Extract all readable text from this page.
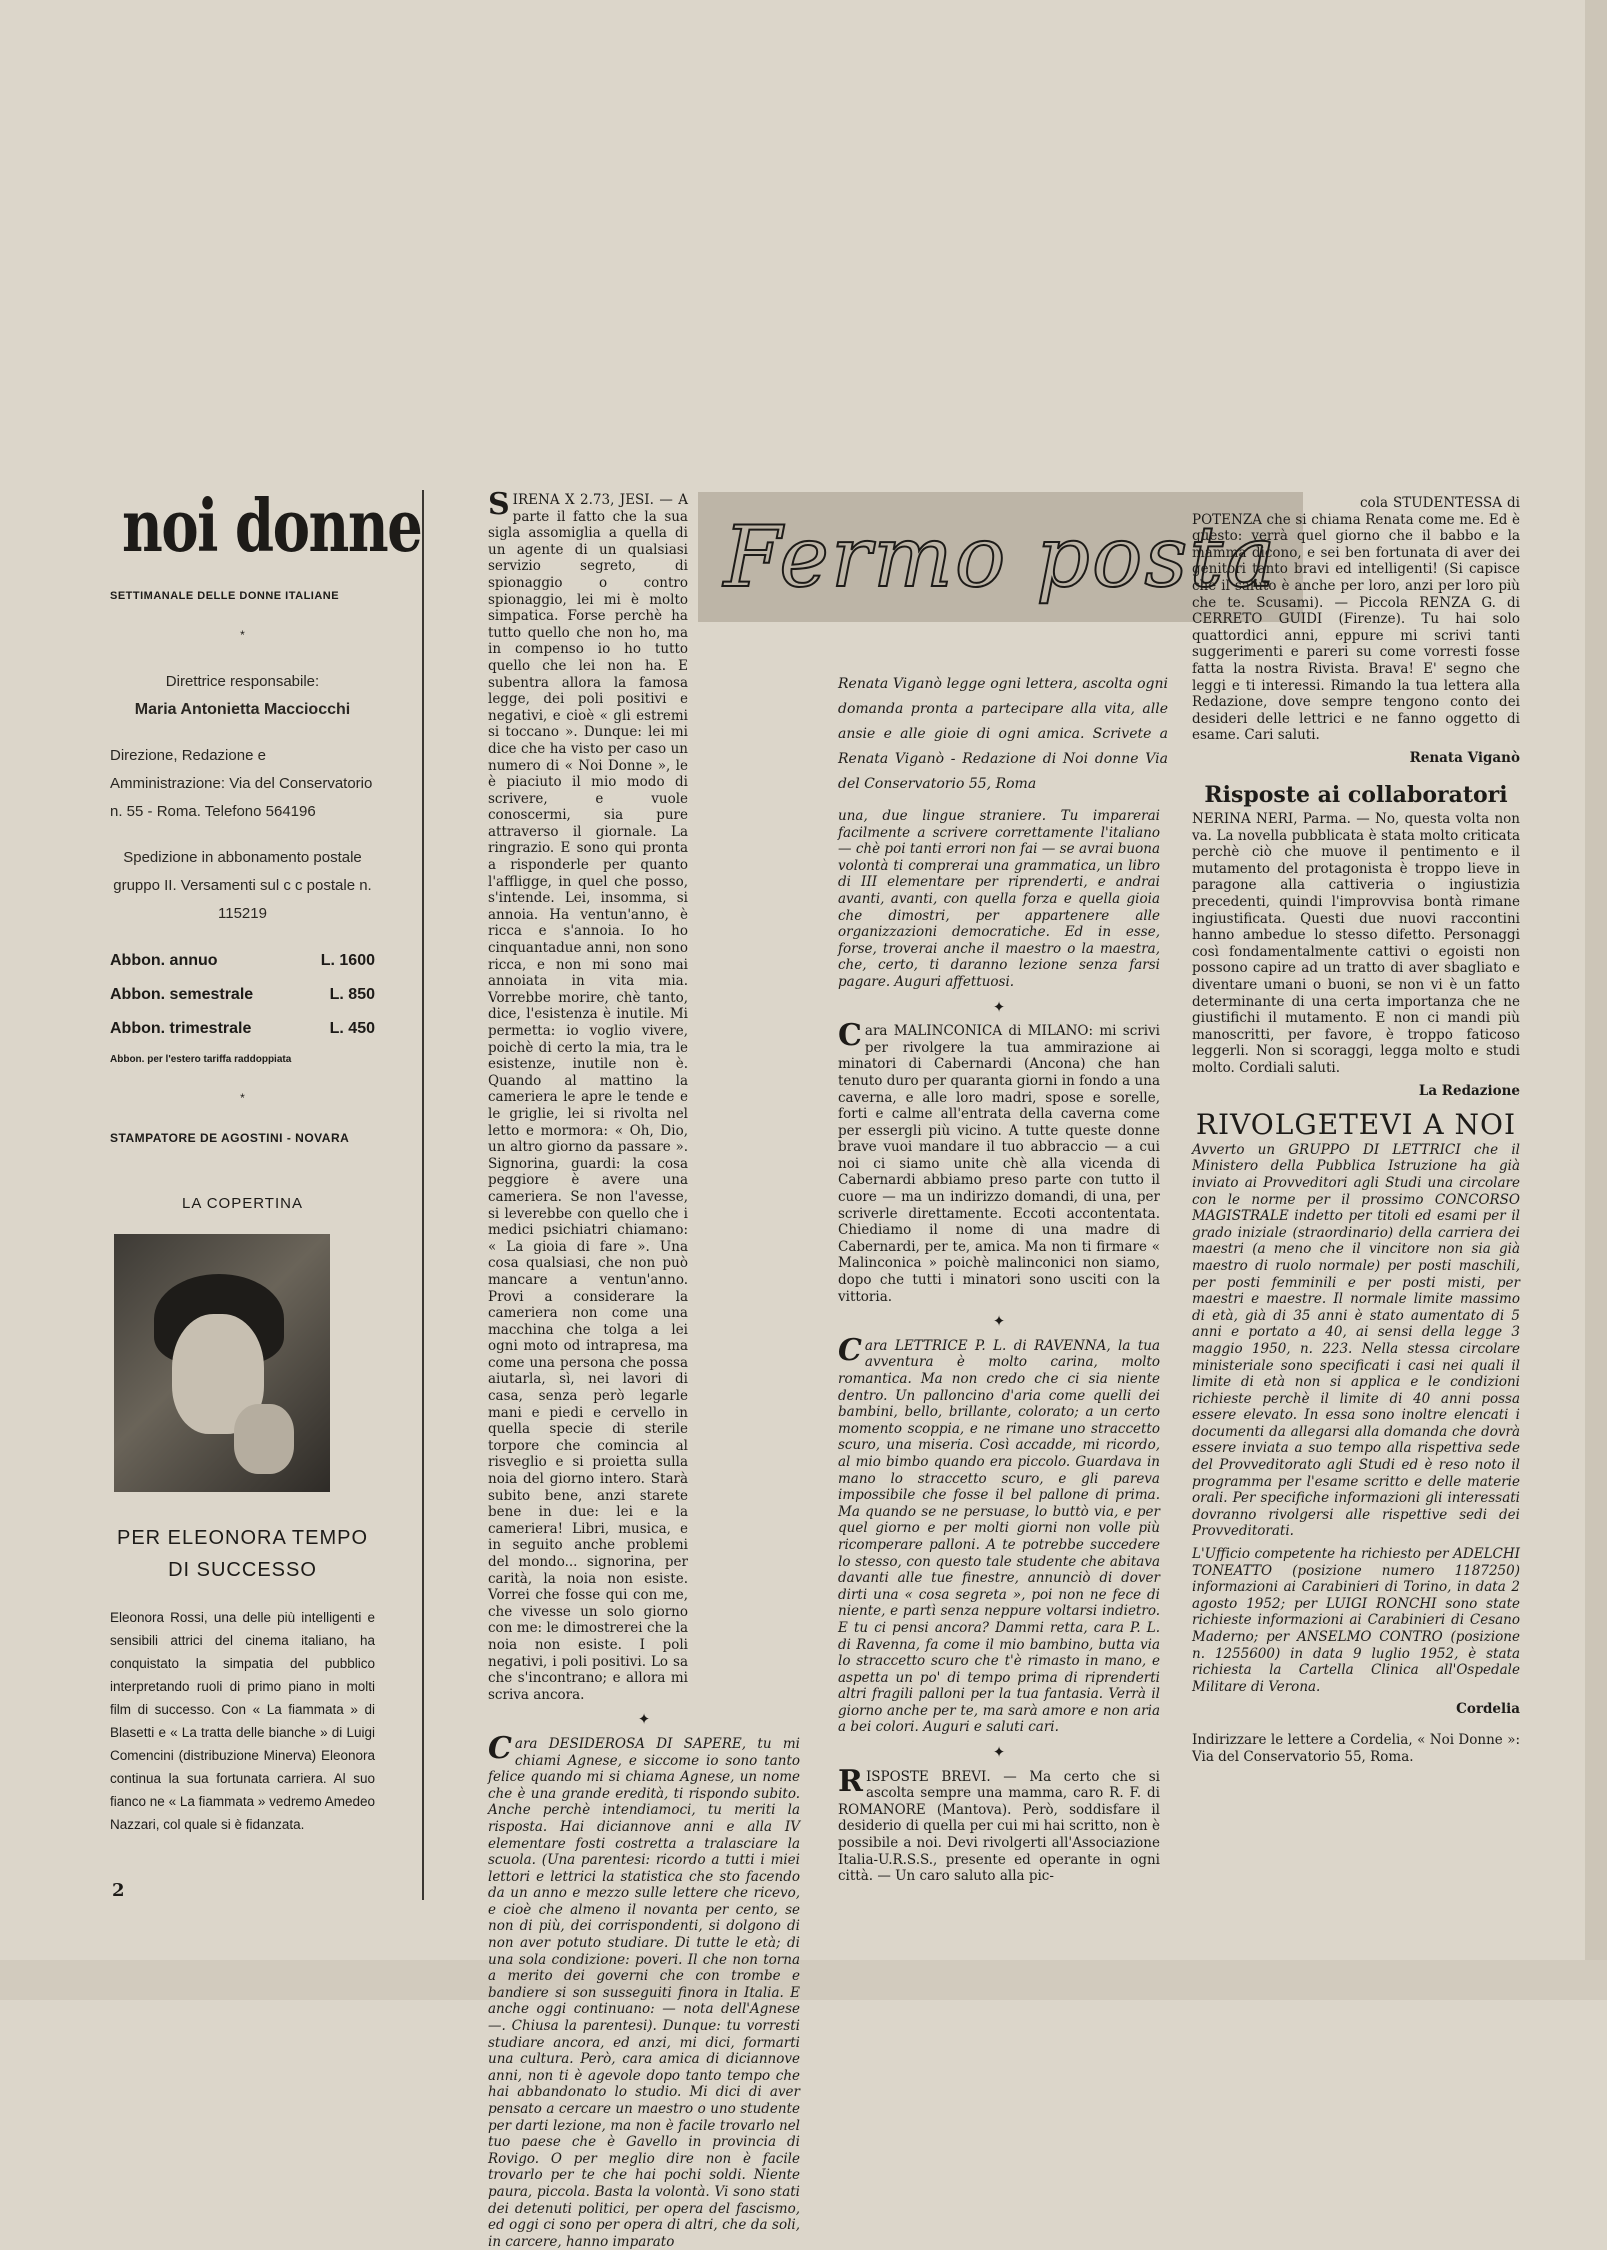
noi donne
SETTIMANALE DELLE DONNE ITALIANE
*
Direttrice responsabile:
Maria Antonietta Macciocchi
Direzione, Redazione e Amministrazione: Via del Conservatorio n. 55 - Roma. Telefono 564196
Spedizione in abbonamento postale gruppo II. Versamenti sul c c postale n. 115219
Abbon. annuo	L. 1600
Abbon. semestrale	L. 850
Abbon. trimestrale	L. 450
Abbon. per l'estero tariffa raddoppiata
*
STAMPATORE DE AGOSTINI - NOVARA
LA COPERTINA
PER ELEONORA TEMPO DI SUCCESSO
Eleonora Rossi, una delle più intelligenti e sensibili attrici del cinema italiano, ha conquistato la simpatia del pubblico interpretando ruoli di primo piano in molti film di successo. Con « La fiammata » di Blasetti e « La tratta delle bianche » di Luigi Comencini (distribuzione Minerva) Eleonora continua la sua fortunata carriera. Al suo fianco ne « La fiammata » vedremo Amedeo Nazzari, col quale si è fidanzata.
2

SIRENA X 2.73, JESI. — A parte il fatto che la sua sigla assomiglia a quella di un agente di un qualsiasi servizio segreto, di spionaggio o contro spionaggio, lei mi è molto simpatica. Forse perchè ha tutto quello che non ho, ma in compenso io ho tutto quello che lei non ha. E subentra allora la famosa legge, dei poli positivi e negativi, e cioè « gli estremi si toccano ». Dunque: lei mi dice che ha visto per caso un numero di « Noi Donne », le è piaciuto il mio modo di scrivere, e vuole conoscermi, sia pure attraverso il giornale. La ringrazio. E sono qui pronta a risponderle per quanto l'affligge, in quel che posso, s'intende. Lei, insomma, si annoia. Ha ventun'anno, è ricca e s'annoia. Io ho cinquantadue anni, non sono ricca, e non mi sono mai annoiata in vita mia. Vorrebbe morire, chè tanto, dice, l'esistenza è inutile. Mi permetta: io voglio vivere, poichè di certo la mia, tra le esistenze, inutile non è. Quando al mattino la cameriera le apre le tende e le griglie, lei si rivolta nel letto e mormora: « Oh, Dio, un altro giorno da passare ». Signorina, guardi: la cosa peggiore è avere una cameriera. Se non l'avesse, si leverebbe con quello che i medici psichiatri chiamano: « La gioia di fare ». Una cosa qualsiasi, che non può mancare a ventun'anno. Provi a considerare la cameriera non come una macchina che tolga a lei ogni moto od intrapresa, ma come una persona che possa aiutarla, sì, nei lavori di casa, senza però legarle mani e piedi e cervello in quella specie di sterile torpore che comincia al risveglio e si proietta sulla noia del giorno intero. Starà subito bene, anzi starete bene in due: lei e la cameriera! Libri, musica, e in seguito anche problemi del mondo... signorina, per carità, la noia non esiste. Vorrei che fosse qui con me, che vivesse un solo giorno con me: le dimostrerei che la noia non esiste. I poli negativi, i poli positivi. Lo sa che s'incontrano; e allora mi scriva ancora.

✦

Cara DESIDEROSA DI SAPERE, tu mi chiami Agnese, e siccome io sono tanto felice quando mi si chiama Agnese, un nome che è una grande eredità, ti rispondo subito. Anche perchè intendiamoci, tu meriti la risposta. Hai diciannove anni e alla IV elementare fosti costretta a tralasciare la scuola. (Una parentesi: ricordo a tutti i miei lettori e lettrici la statistica che sto facendo da un anno e mezzo sulle lettere che ricevo, e cioè che almeno il novanta per cento, se non di più, dei corrispondenti, si dolgono di non aver potuto studiare. Di tutte le età; di una sola condizione: poveri. Il che non torna a merito dei governi che con trombe e bandiere si son susseguiti finora in Italia. E anche oggi continuano: — nota dell'Agnese —. Chiusa la parentesi). Dunque: tu vorresti studiare ancora, ed anzi, mi dici, formarti una cultura. Però, cara amica di diciannove anni, non ti è agevole dopo tanto tempo che hai abbandonato lo studio. Mi dici di aver pensato a cercare un maestro o uno studente per darti lezione, ma non è facile trovarlo nel tuo paese che è Gavello in provincia di Rovigo. O per meglio dire non è facile trovarlo per te che hai pochi soldi. Niente paura, piccola. Basta la volontà. Vi sono stati dei detenuti politici, per opera del fascismo, ed oggi ci sono per opera di altri, che da soli, in carcere, hanno imparato

Fermo posta
Renata Viganò legge ogni lettera, ascolta ogni domanda pronta a partecipare alla vita, alle ansie e alle gioie di ogni amica. Scrivete a Renata Viganò - Redazione di Noi donne Via del Conservatorio 55, Roma

una, due lingue straniere. Tu imparerai facilmente a scrivere correttamente l'italiano — chè poi tanti errori non fai — se avrai buona volontà ti comprerai una grammatica, un libro di III elementare per riprenderti, e andrai avanti, avanti, con quella forza e quella gioia che dimostri, per appartenere alle organizzazioni democratiche. Ed in esse, forse, troverai anche il maestro o la maestra, che, certo, ti daranno lezione senza farsi pagare. Auguri affettuosi.

✦

Cara MALINCONICA di MILANO: mi scrivi per rivolgere la tua ammirazione ai minatori di Cabernardi (Ancona) che han tenuto duro per quaranta giorni in fondo a una caverna, e alle loro madri, spose e sorelle, forti e calme all'entrata della caverna come per essergli più vicino. A tutte queste donne brave vuoi mandare il tuo abbraccio — a cui noi ci siamo unite chè alla vicenda di Cabernardi abbiamo preso parte con tutto il cuore — ma un indirizzo domandi, di una, per scriverle direttamente. Eccoti accontentata. Chiediamo il nome di una madre di Cabernardi, per te, amica. Ma non ti firmare « Malinconica » poichè malinconici non siamo, dopo che tutti i minatori sono usciti con la vittoria.

✦

Cara LETTRICE P. L. di RAVENNA, la tua avventura è molto carina, molto romantica. Ma non credo che ci sia niente dentro. Un palloncino d'aria come quelli dei bambini, bello, brillante, colorato; a un certo momento scoppia, e ne rimane uno straccetto scuro, una miseria. Così accadde, mi ricordo, al mio bimbo quando era piccolo. Guardava in mano lo straccetto scuro, e gli pareva impossibile che fosse il bel pallone di prima. Ma quando se ne persuase, lo buttò via, e per quel giorno e per molti giorni non volle più ricomperare palloni. A te potrebbe succedere lo stesso, con questo tale studente che abitava davanti alle tue finestre, annunciò di dover dirti una « cosa segreta », poi non ne fece di niente, e partì senza neppure voltarsi indietro. E tu ci pensi ancora? Dammi retta, cara P. L. di Ravenna, fa come il mio bambino, butta via lo straccetto scuro che t'è rimasto in mano, e aspetta un po' di tempo prima di riprenderti altri fragili palloni per la tua fantasia. Verrà il giorno anche per te, ma sarà amore e non aria a bei colori. Auguri e saluti cari.

✦

RISPOSTE BREVI. — Ma certo che si ascolta sempre una mamma, caro R. F. di ROMANORE (Mantova). Però, soddisfare il desiderio di quella per cui mi hai scritto, non è possibile a noi. Devi rivolgerti all'Associazione Italia-U.R.S.S., presente ed operante in ogni città. — Un caro saluto alla pic-

cola STUDENTESSA di POTENZA che si chiama Renata come me. Ed è questo: verrà quel giorno che il babbo e la mamma dicono, e sei ben fortunata di aver dei genitori tanto bravi ed intelligenti! (Si capisce che il saluto è anche per loro, anzi per loro più che te. Scusami). — Piccola RENZA G. di CERRETO GUIDI (Firenze). Tu hai solo quattordici anni, eppure mi scrivi tanti suggerimenti e pareri su come vorresti fosse fatta la nostra Rivista. Brava! E' segno che leggi e ti interessi. Rimando la tua lettera alla Redazione, dove sempre tengono conto dei desideri delle lettrici e ne fanno oggetto di esame. Cari saluti.

Renata Viganò
Risposte ai collaboratori

NERINA NERI, Parma. — No, questa volta non va. La novella pubblicata è stata molto criticata perchè ciò che muove il pentimento e il mutamento del protagonista è troppo lieve in paragone alla cattiveria o ingiustizia precedenti, quindi l'improvvisa bontà rimane ingiustificata. Questi due nuovi raccontini hanno ambedue lo stesso difetto. Personaggi così fondamentalmente cattivi o egoisti non possono capire ad un tratto di aver sbagliato e diventare umani o buoni, se non vi è un fatto determinante di una certa importanza che ne giustifichi il mutamento. E non ci mandi più manoscritti, per favore, è troppo faticoso leggerli. Non si scoraggi, legga molto e studi molto. Cordiali saluti.

La Redazione
RIVOLGETEVI A NOI

Avverto un GRUPPO DI LETTRICI che il Ministero della Pubblica Istruzione ha già inviato ai Provveditori agli Studi una circolare con le norme per il prossimo CONCORSO MAGISTRALE indetto per titoli ed esami per il grado iniziale (straordinario) della carriera dei maestri (a meno che il vincitore non sia già maestro di ruolo normale) per posti maschili, per posti femminili e per posti misti, per maestri e maestre. Il normale limite massimo di età, già di 35 anni è stato aumentato di 5 anni e portato a 40, ai sensi della legge 3 maggio 1950, n. 223. Nella stessa circolare ministeriale sono specificati i casi nei quali il limite di età non si applica e le condizioni richieste perchè il limite di 40 anni possa essere elevato. In essa sono inoltre elencati i documenti da allegarsi alla domanda che dovrà essere inviata a suo tempo alla rispettiva sede del Provveditorato agli Studi ed è reso noto il programma per l'esame scritto e delle materie orali. Per specifiche informazioni gli interessati dovranno rivolgersi alle rispettive sedi dei Provveditorati.

L'Ufficio competente ha richiesto per ADELCHI TONEATTO (posizione numero 1187250) informazioni ai Carabinieri di Torino, in data 2 agosto 1952; per LUIGI RONCHI sono state richieste informazioni ai Carabinieri di Cesano Maderno; per ANSELMO CONTRO (posizione n. 1255600) in data 9 luglio 1952, è stata richiesta la Cartella Clinica all'Ospedale Militare di Verona.

Cordelia

Indirizzare le lettere a Cordelia, « Noi Donne »: Via del Conservatorio 55, Roma.
